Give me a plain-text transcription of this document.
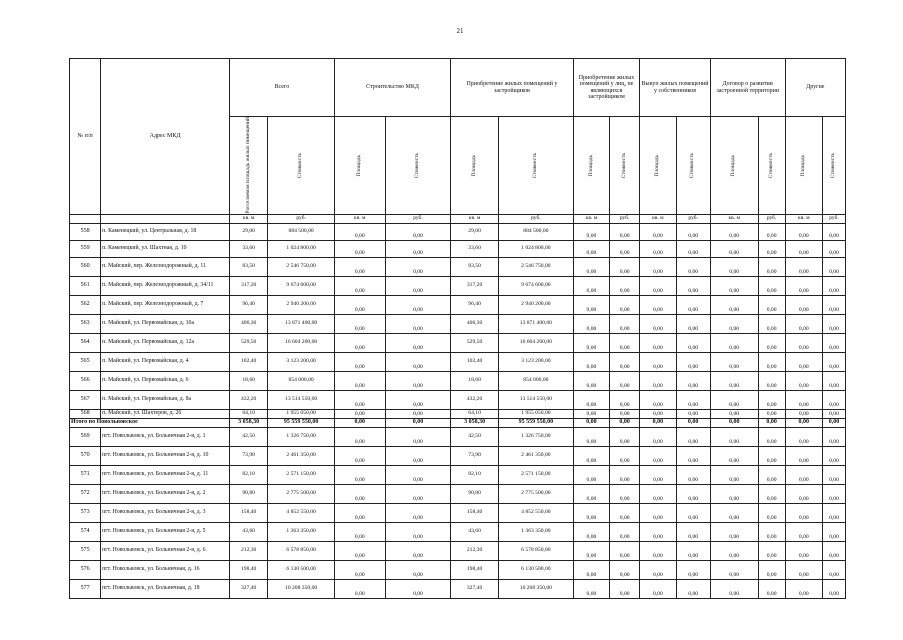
21
№ п/п	Адрес МКД	Всего		Строительство МКД		Приобретение жилых помещений у застройщиков		Приобретение жилых помещений у лиц, не являющихся застройщиком		Выкуп жилых помещений у собственников		Договор о развитии застроенной территории		Другие	

		Расселяемая площадь жилых помещений	Стоимость	Площадь	Стоимость	Площадь	Стоимость	Площадь	Стоимость	Площадь	Стоимость	Площадь	Стоимость	Площадь	Стоимость

		кв. м	руб.	кв. м	руб.	кв. м	руб.	кв. м	руб.	кв. м	руб.	кв. м	руб.	кв. м	руб.
558	п. Каменецкий, ул. Центральная, д. 18	29,00	884 500,00	0,00	0,00	29,00	884 500,00	0,00	0,00	0,00	0,00	0,00	0,00	0,00	0,00
559	п. Каменецкий, ул. Шахтная, д. 10	33,60	1 024 800,00	0,00	0,00	33,60	1 024 800,00	0,00	0,00	0,00	0,00	0,00	0,00	0,00	0,00
560	п. Майский, пер. Железнодорожный, д. 11	83,50	2 546 750,00	0,00	0,00	83,50	2 546 750,00	0,00	0,00	0,00	0,00	0,00	0,00	0,00	0,00
561	п. Майский, пер. Железнодорожный, д. 34/11	317,20	9 674 600,00	0,00	0,00	317,20	9 674 600,00	0,00	0,00	0,00	0,00	0,00	0,00	0,00	0,00
562	п. Майский, пер. Железнодорожный, д. 7	96,40	2 940 200,00	0,00	0,00	96,40	2 940 200,00	0,00	0,00	0,00	0,00	0,00	0,00	0,00	0,00
563	п. Майский, ул. Первомайская, д. 10а	406,30	13 871 400,00	0,00	0,00	406,30	13 871 400,00	0,00	0,00	0,00	0,00	0,00	0,00	0,00	0,00
564	п. Майский, ул. Первомайская, д. 12а	529,50	16 604 200,00	0,00	0,00	529,50	16 604 200,00	0,00	0,00	0,00	0,00	0,00	0,00	0,00	0,00
565	п. Майский, ул. Первомайская, д. 4	102,40	3 123 200,00	0,00	0,00	102,40	3 123 200,00	0,00	0,00	0,00	0,00	0,00	0,00	0,00	0,00
566	п. Майский, ул. Первомайская, д. 6	18,60	854 000,00	0,00	0,00	18,60	854 000,00	0,00	0,00	0,00	0,00	0,00	0,00	0,00	0,00
567	п. Майский, ул. Первомайская, д. 8а	432,20	13 514 550,00	0,00	0,00	432,20	13 514 550,00	0,00	0,00	0,00	0,00	0,00	0,00	0,00	0,00
568	п. Майский, ул. Шахтеров, д. 26	64,10	1 955 050,00	0,00	0,00	64,10	1 955 050,00	0,00	0,00	0,00	0,00	0,00	0,00	0,00	0,00
Итого по Новольвовское		3 058,30	95 559 550,00	0,00	0,00	3 058,30	95 559 550,00	0,00	0,00	0,00	0,00	0,00	0,00	0,00	0,00
569	пгт. Новольвовск, ул. Больничная 2-я, д. 1	42,50	1 326 750,00	0,00	0,00	42,50	1 326 750,00	0,00	0,00	0,00	0,00	0,00	0,00	0,00	0,00
570	пгт. Новольвовск, ул. Больничная 2-я, д. 10	73,90	2 461 350,00	0,00	0,00	73,90	2 461 350,00	0,00	0,00	0,00	0,00	0,00	0,00	0,00	0,00
571	пгт. Новольвовск, ул. Больничная 2-я, д. 11	82,10	2 571 150,00	0,00	0,00	82,10	2 571 150,00	0,00	0,00	0,00	0,00	0,00	0,00	0,00	0,00
572	пгт. Новольвовск, ул. Больничная 2-я, д. 2	90,80	2 775 500,00	0,00	0,00	90,80	2 775 500,00	0,00	0,00	0,00	0,00	0,00	0,00	0,00	0,00
573	пгт. Новольвовск, ул. Больничная 2-я, д. 3	158,40	4 852 550,00	0,00	0,00	158,40	4 852 550,00	0,00	0,00	0,00	0,00	0,00	0,00	0,00	0,00
574	пгт. Новольвовск, ул. Больничная 2-я, д. 5	43,60	1 363 350,00	0,00	0,00	43,60	1 363 350,00	0,00	0,00	0,00	0,00	0,00	0,00	0,00	0,00
575	пгт. Новольвовск, ул. Больничная 2-я, д. 6	212,30	6 578 850,00	0,00	0,00	212,30	6 578 850,00	0,00	0,00	0,00	0,00	0,00	0,00	0,00	0,00
576	пгт. Новольвовск, ул. Больничная, д. 16	198,40	6 130 500,00	0,00	0,00	198,40	6 130 500,00	0,00	0,00	0,00	0,00	0,00	0,00	0,00	0,00
577	пгт. Новольвовск, ул. Больничная, д. 18	327,40	10 208 350,00	0,00	0,00	327,40	10 208 350,00	0,00	0,00	0,00	0,00	0,00	0,00	0,00	0,00
